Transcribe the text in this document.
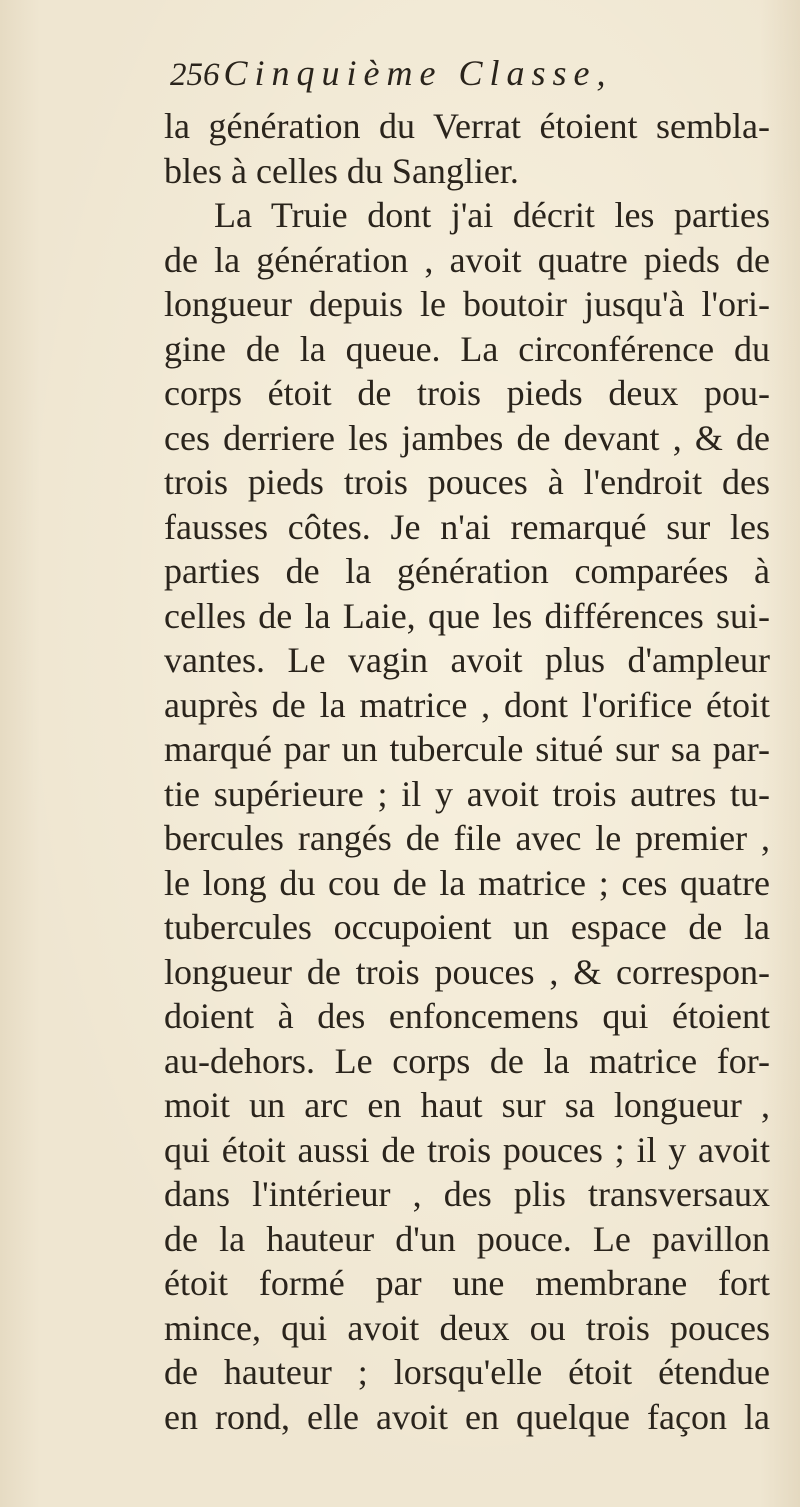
256 Cinquième Classe,
la génération du Verrat étoient sembla-
bles à celles du Sanglier.
La Truie dont j'ai décrit les parties
de la génération , avoit quatre pieds de
longueur depuis le boutoir jusqu'à l'ori-
gine de la queue. La circonférence du
corps étoit de trois pieds deux pou-
ces derriere les jambes de devant , & de
trois pieds trois pouces à l'endroit des
fausses côtes. Je n'ai remarqué sur les
parties de la génération comparées à
celles de la Laie, que les différences sui-
vantes. Le vagin avoit plus d'ampleur
auprès de la matrice , dont l'orifice étoit
marqué par un tubercule situé sur sa par-
tie supérieure ; il y avoit trois autres tu-
bercules rangés de file avec le premier ,
le long du cou de la matrice ; ces quatre
tubercules occupoient un espace de la
longueur de trois pouces , & correspon-
doient à des enfoncemens qui étoient
au-dehors. Le corps de la matrice for-
moit un arc en haut sur sa longueur ,
qui étoit aussi de trois pouces ; il y avoit
dans l'intérieur , des plis transversaux
de la hauteur d'un pouce. Le pavillon
étoit formé par une membrane fort
mince, qui avoit deux ou trois pouces
de hauteur ; lorsqu'elle étoit étendue
en rond, elle avoit en quelque façon la
